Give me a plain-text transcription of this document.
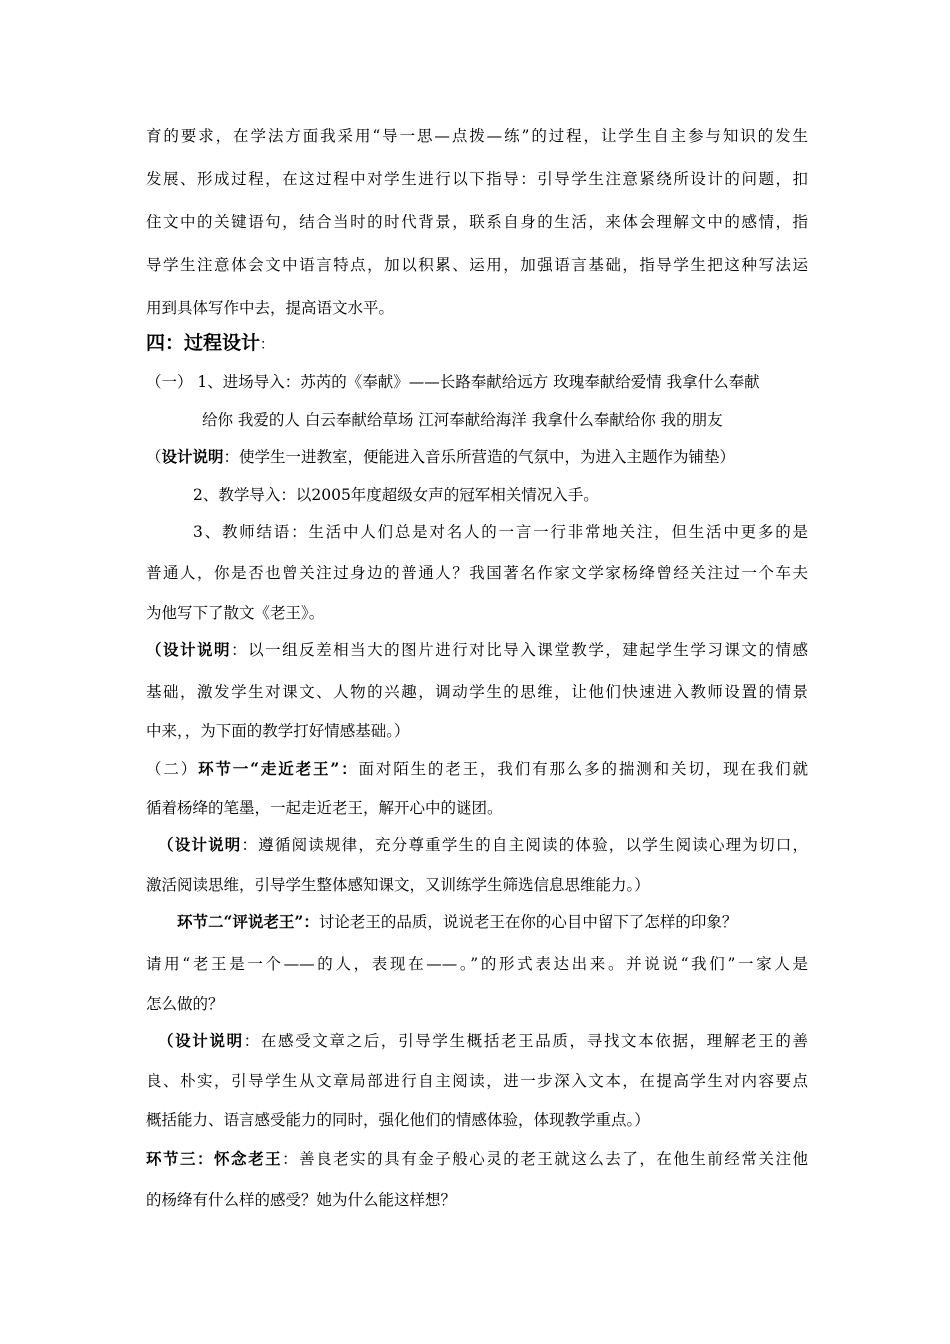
育的要求，在学法方面我采用“导一思—点拨—练”的过程，让学生自主参与知识的发生
发展、形成过程，在这过程中对学生进行以下指导：引导学生注意紧绕所设计的问题，扣
住文中的关键语句，结合当时的时代背景，联系自身的生活，来体会理解文中的感情，指
导学生注意体会文中语言特点，加以积累、运用，加强语言基础，指导学生把这种写法运
用到具体写作中去，提高语文水平。
四：过程设计：
（一） 1、进场导入：苏芮的《奉献》——长路奉献给远方 玫瑰奉献给爱情 我拿什么奉献
给你 我爱的人 白云奉献给草场 江河奉献给海洋 我拿什么奉献给你 我的朋友
（设计说明：使学生一进教室，便能进入音乐所营造的气氛中，为进入主题作为铺垫）
2、教学导入：以2005年度超级女声的冠军相关情况入手。
3、教师结语：生活中人们总是对名人的一言一行非常地关注，但生活中更多的是
普通人，你是否也曾关注过身边的普通人？我国著名作家文学家杨绛曾经关注过一个车夫
为他写下了散文《老王》。
（设计说明：以一组反差相当大的图片进行对比导入课堂教学，建起学生学习课文的情感
基础，激发学生对课文、人物的兴趣，调动学生的思维，让他们快速进入教师设置的情景
中来，，为下面的教学打好情感基础。）
（二）环节一“走近老王”：面对陌生的老王，我们有那么多的揣测和关切，现在我们就
循着杨绛的笔墨，一起走近老王，解开心中的谜团。
（设计说明：遵循阅读规律，充分尊重学生的自主阅读的体验，以学生阅读心理为切口，
激活阅读思维，引导学生整体感知课文，又训练学生筛选信息思维能力。）
环节二“评说老王”：讨论老王的品质，说说老王在你的心目中留下了怎样的印象？
请用“老王是一个——的人，表现在——。”的形式表达出来。并说说“我们”一家人是
怎么做的？
（设计说明：在感受文章之后，引导学生概括老王品质，寻找文本依据，理解老王的善
良、朴实，引导学生从文章局部进行自主阅读，进一步深入文本，在提高学生对内容要点
概括能力、语言感受能力的同时，强化他们的情感体验，体现教学重点。）
环节三：怀念老王：善良老实的具有金子般心灵的老王就这么去了，在他生前经常关注他
的杨绛有什么样的感受？她为什么能这样想？
